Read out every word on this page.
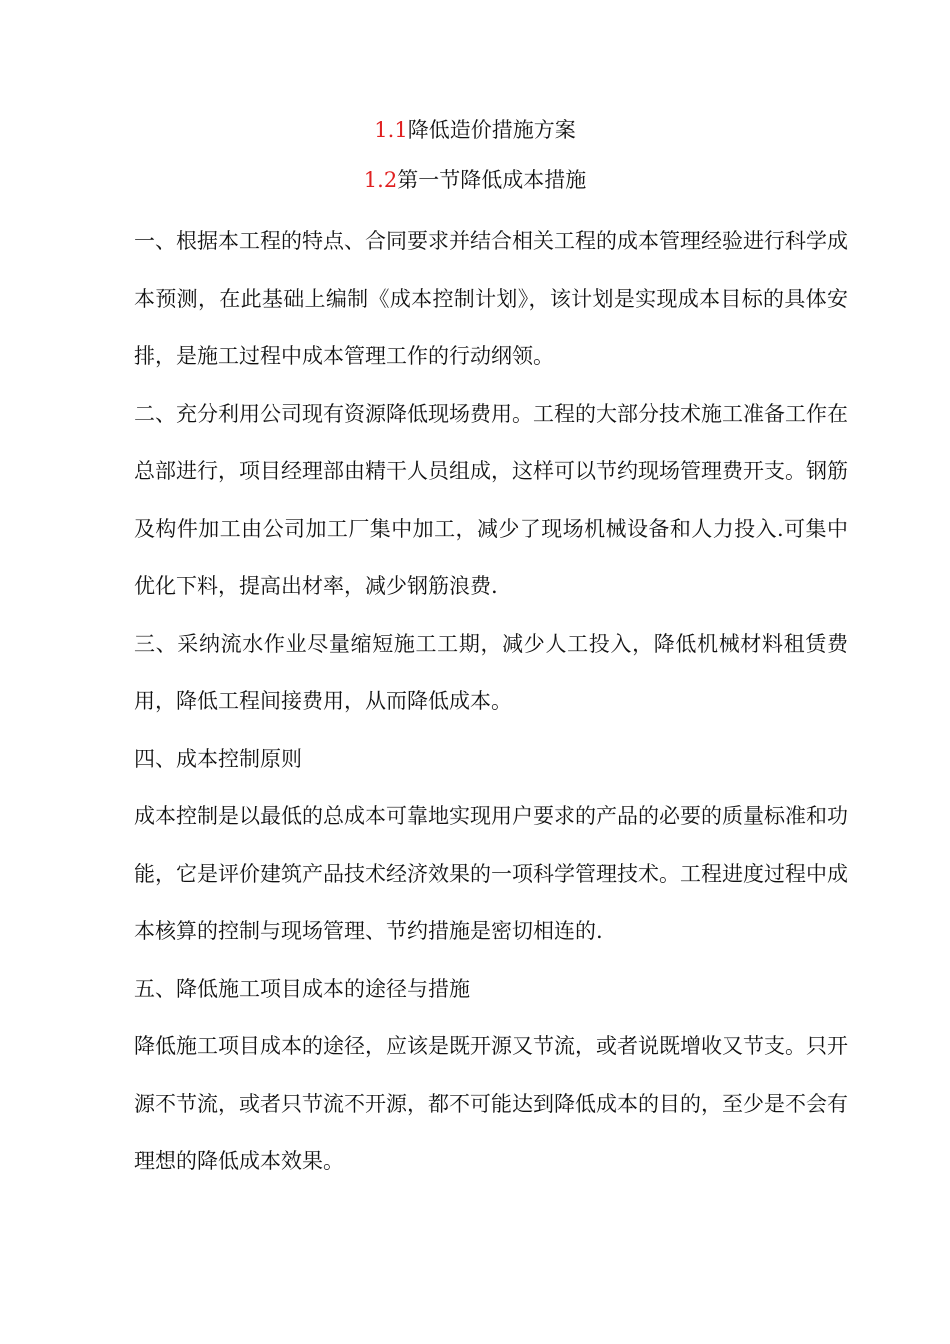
1.1降低造价措施方案
1.2第一节降低成本措施

一、根据本工程的特点、合同要求并结合相关工程的成本管理经验进行科学成本预测，在此基础上编制《成本控制计划》，该计划是实现成本目标的具体安排，是施工过程中成本管理工作的行动纲领。

二、充分利用公司现有资源降低现场费用。工程的大部分技术施工准备工作在总部进行，项目经理部由精干人员组成，这样可以节约现场管理费开支。钢筋及构件加工由公司加工厂集中加工，减少了现场机械设备和人力投入.可集中优化下料，提高出材率，减少钢筋浪费.

三、采纳流水作业尽量缩短施工工期，减少人工投入，降低机械材料租赁费用，降低工程间接费用，从而降低成本。

四、成本控制原则

成本控制是以最低的总成本可靠地实现用户要求的产品的必要的质量标准和功能，它是评价建筑产品技术经济效果的一项科学管理技术。工程进度过程中成本核算的控制与现场管理、节约措施是密切相连的.

五、降低施工项目成本的途径与措施

降低施工项目成本的途径，应该是既开源又节流，或者说既增收又节支。只开源不节流，或者只节流不开源，都不可能达到降低成本的目的，至少是不会有理想的降低成本效果。
